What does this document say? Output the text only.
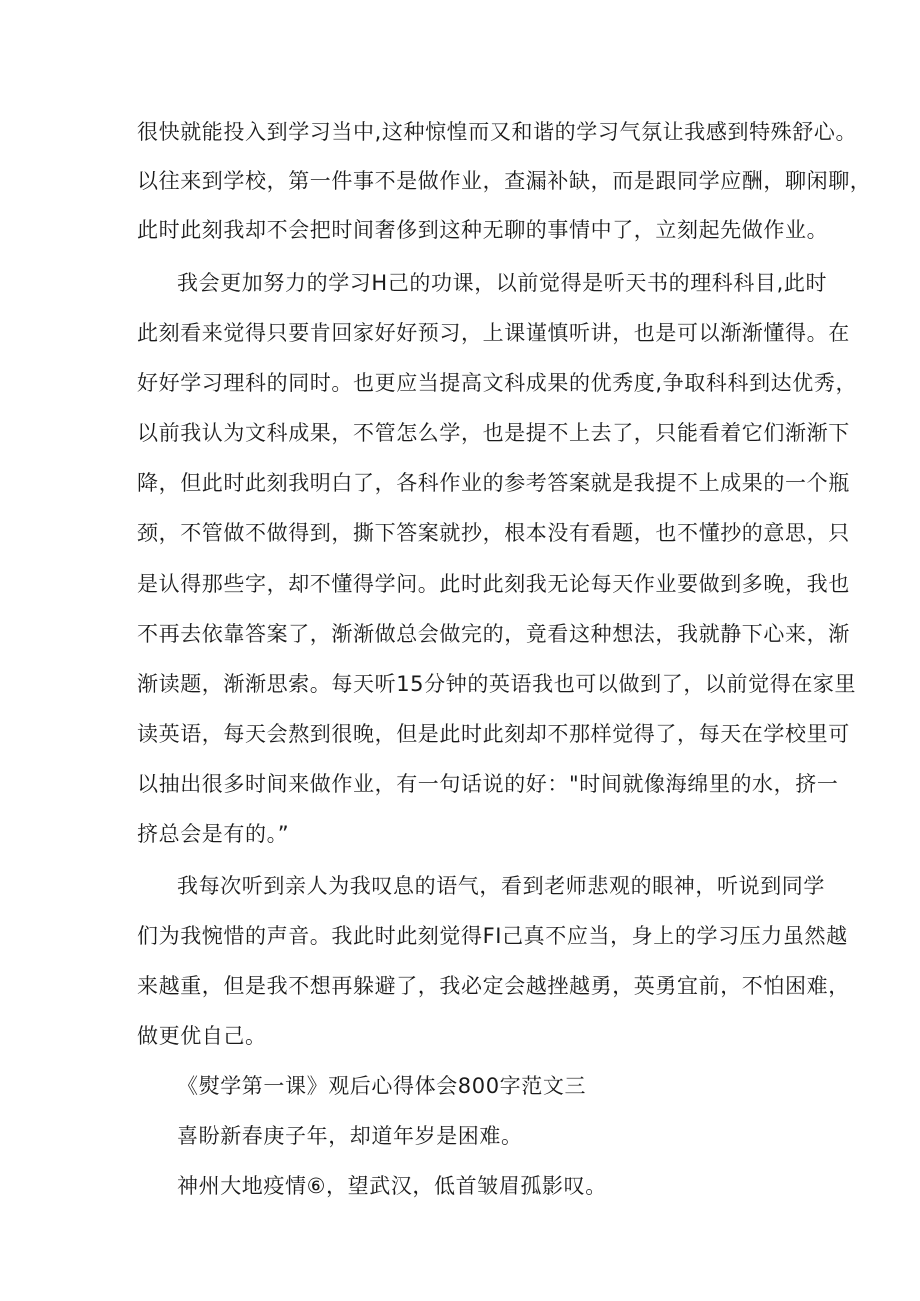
很快就能投入到学习当中,这种惊惶而又和谐的学习气氛让我感到特殊舒心。
以往来到学校，第一件事不是做作业，查漏补缺，而是跟同学应酬，聊闲聊，
此时此刻我却不会把时间奢侈到这种无聊的事情中了，立刻起先做作业。
我会更加努力的学习H己的功课，以前觉得是听天书的理科科目,此时
此刻看来觉得只要肯回家好好预习，上课谨慎听讲，也是可以渐渐懂得。在
好好学习理科的同时。也更应当提高文科成果的优秀度,争取科科到达优秀，
以前我认为文科成果，不管怎么学，也是提不上去了，只能看着它们渐渐下
降，但此时此刻我明白了，各科作业的参考答案就是我提不上成果的一个瓶
颈，不管做不做得到，撕下答案就抄，根本没有看题，也不懂抄的意思，只
是认得那些字，却不懂得学问。此时此刻我无论每天作业要做到多晚，我也
不再去依靠答案了，渐渐做总会做完的，竟看这种想法，我就静下心来，渐
渐读题，渐渐思索。每天听15分钟的英语我也可以做到了，以前觉得在家里
读英语，每天会熬到很晚，但是此时此刻却不那样觉得了，每天在学校里可
以抽出很多时间来做作业，有一句话说的好："时间就像海绵里的水，挤一
挤总会是有的。”
我每次听到亲人为我叹息的语气，看到老师悲观的眼神，听说到同学
们为我惋惜的声音。我此时此刻觉得FI己真不应当，身上的学习压力虽然越
来越重，但是我不想再躲避了，我必定会越挫越勇，英勇宜前，不怕困难，
做更优自己。
《熨学第一课》观后心得体会800字范文三
喜盼新春庚子年，却道年岁是困难。
神州大地疫情⑥，望武汉，低首皱眉孤影叹。
